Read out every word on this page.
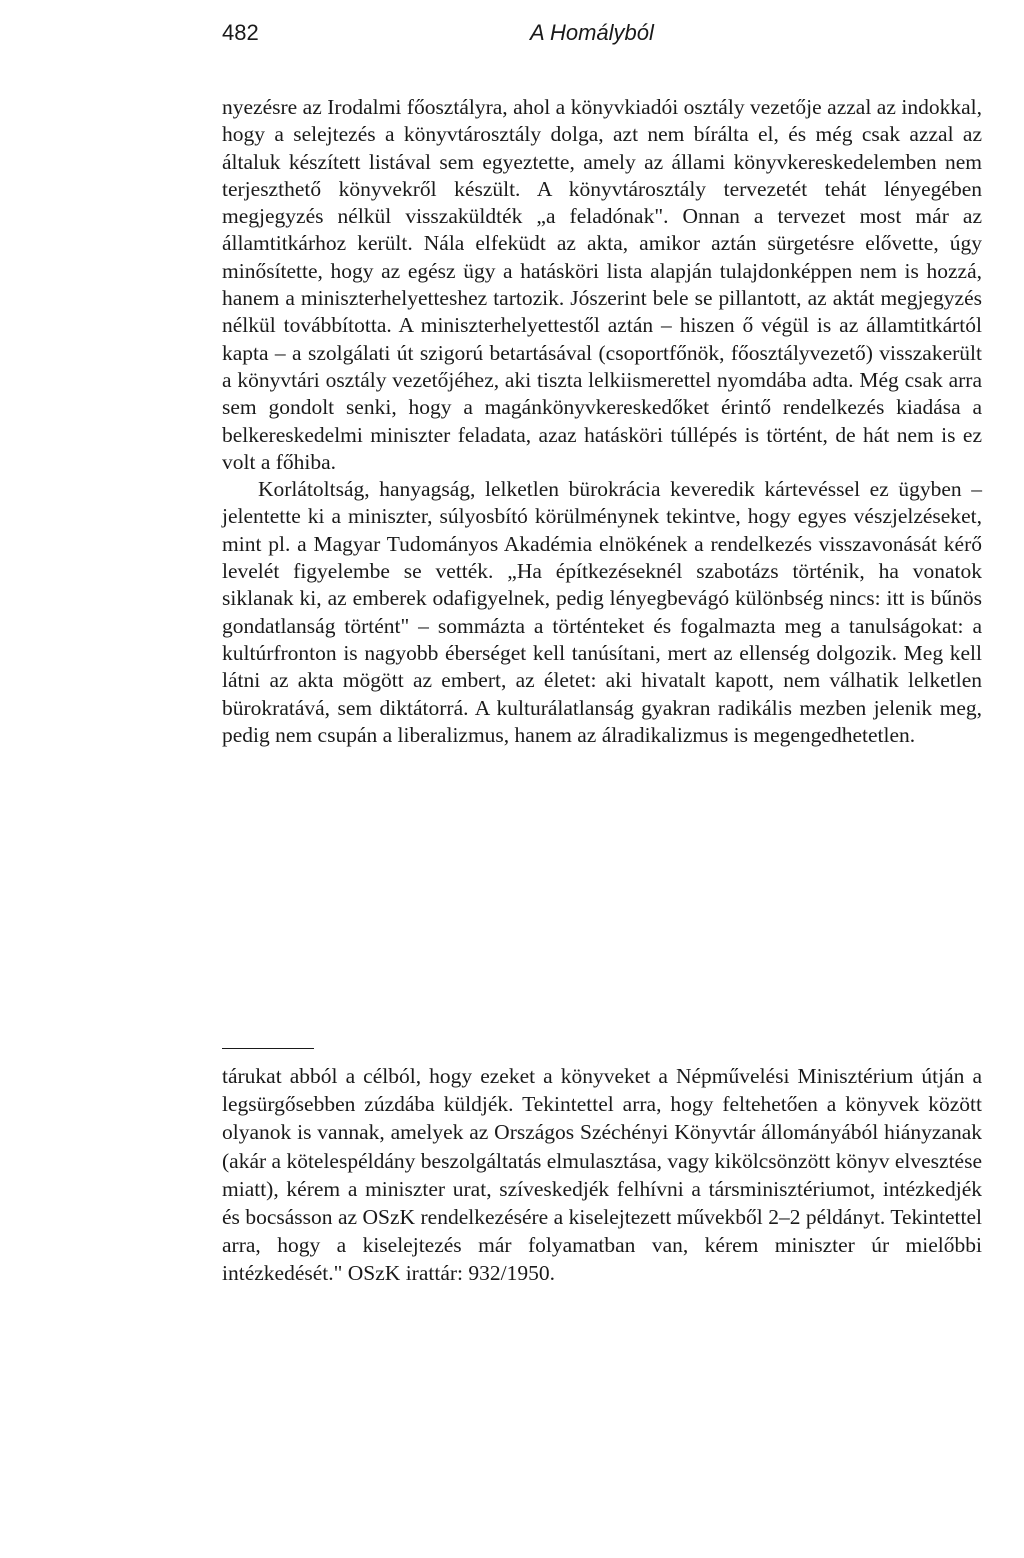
482	A Homályból

nyezésre az Irodalmi főosztályra, ahol a könyvkiadói osztály vezetője azzal az indokkal, hogy a selejtezés a könyvtárosztály dolga, azt nem bírálta el, és még csak azzal az általuk készített listával sem egyeztette, amely az állami könyvkereskedelemben nem terjeszthető könyvekről készült. A könyvtárosztály tervezetét tehát lényegében megjegyzés nélkül visszaküldték „a feladónak". Onnan a tervezet most már az államtitkárhoz került. Nála elfeküdt az akta, amikor aztán sürgetésre elővette, úgy minősítette, hogy az egész ügy a hatásköri lista alapján tulajdonképpen nem is hozzá, hanem a miniszterhelyetteshez tartozik. Jószerint bele se pillantott, az aktát megjegyzés nélkül továbbította. A miniszterhelyettestől aztán – hiszen ő végül is az államtitkártól kapta – a szolgálati út szigorú betartásával (csoportfőnök, főosztályvezető) visszakerült a könyvtári osztály vezetőjéhez, aki tiszta lelkiismerettel nyomdába adta. Még csak arra sem gondolt senki, hogy a magánkönyvkereskedőket érintő rendelkezés kiadása a belkereskedelmi miniszter feladata, azaz hatásköri túllépés is történt, de hát nem is ez volt a főhiba.

Korlátoltság, hanyagság, lelketlen bürokrácia keveredik kártevéssel ez ügyben – jelentette ki a miniszter, súlyosbító körülménynek tekintve, hogy egyes vészjelzéseket, mint pl. a Magyar Tudományos Akadémia elnökének a rendelkezés visszavonását kérő levelét figyelembe se vették. „Ha építkezéseknél szabotázs történik, ha vonatok siklanak ki, az emberek odafigyelnek, pedig lényegbevágó különbség nincs: itt is bűnös gondatlanság történt" – sommázta a történteket és fogalmazta meg a tanulságokat: a kultúrfronton is nagyobb éberséget kell tanúsítani, mert az ellenség dolgozik. Meg kell látni az akta mögött az embert, az életet: aki hivatalt kapott, nem válhatik lelketlen bürokratává, sem diktátorrá. A kulturálatlanság gyakran radikális mezben jelenik meg, pedig nem csupán a liberalizmus, hanem az álradikalizmus is megengedhetetlen.

tárukat abból a célból, hogy ezeket a könyveket a Népművelési Minisztérium útján a legsürgősebben zúzdába küldjék. Tekintettel arra, hogy feltehetően a könyvek között olyanok is vannak, amelyek az Országos Széchényi Könyvtár állományából hiányzanak (akár a kötelespéldány beszolgáltatás elmulasztása, vagy kikölcsönzött könyv elvesztése miatt), kérem a miniszter urat, szíveskedjék felhívni a társminisztériumot, intézkedjék és bocsásson az OSzK rendelkezésére a kiselejtezett művekből 2–2 példányt. Tekintettel arra, hogy a kiselejtezés már folyamatban van, kérem miniszter úr mielőbbi intézkedését." OSzK irattár: 932/1950.
